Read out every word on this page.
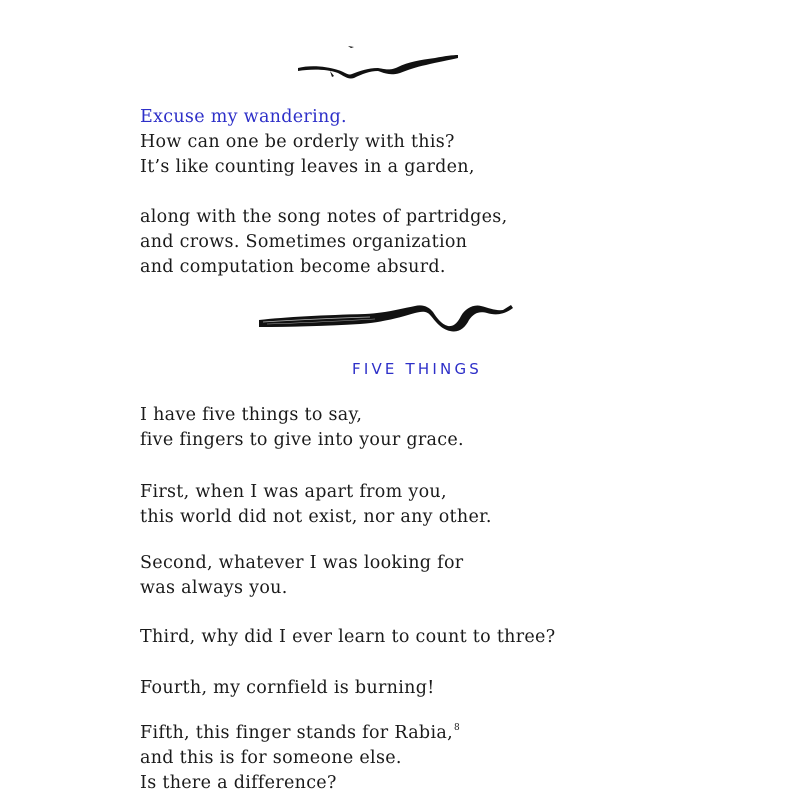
Excuse my wandering.
How can one be orderly with this?
It’s like counting leaves in a garden,
along with the song notes of partridges,
and crows. Sometimes organization
and computation become absurd.
FIVE THINGS
I have five things to say,
five fingers to give into your grace.
First, when I was apart from you,
this world did not exist, nor any other.
Second, whatever I was looking for
was always you.
Third, why did I ever learn to count to three?
Fourth, my cornfield is burning!
Fifth, this finger stands for Rabia,$^8$
and this is for someone else.
Is there a difference?
